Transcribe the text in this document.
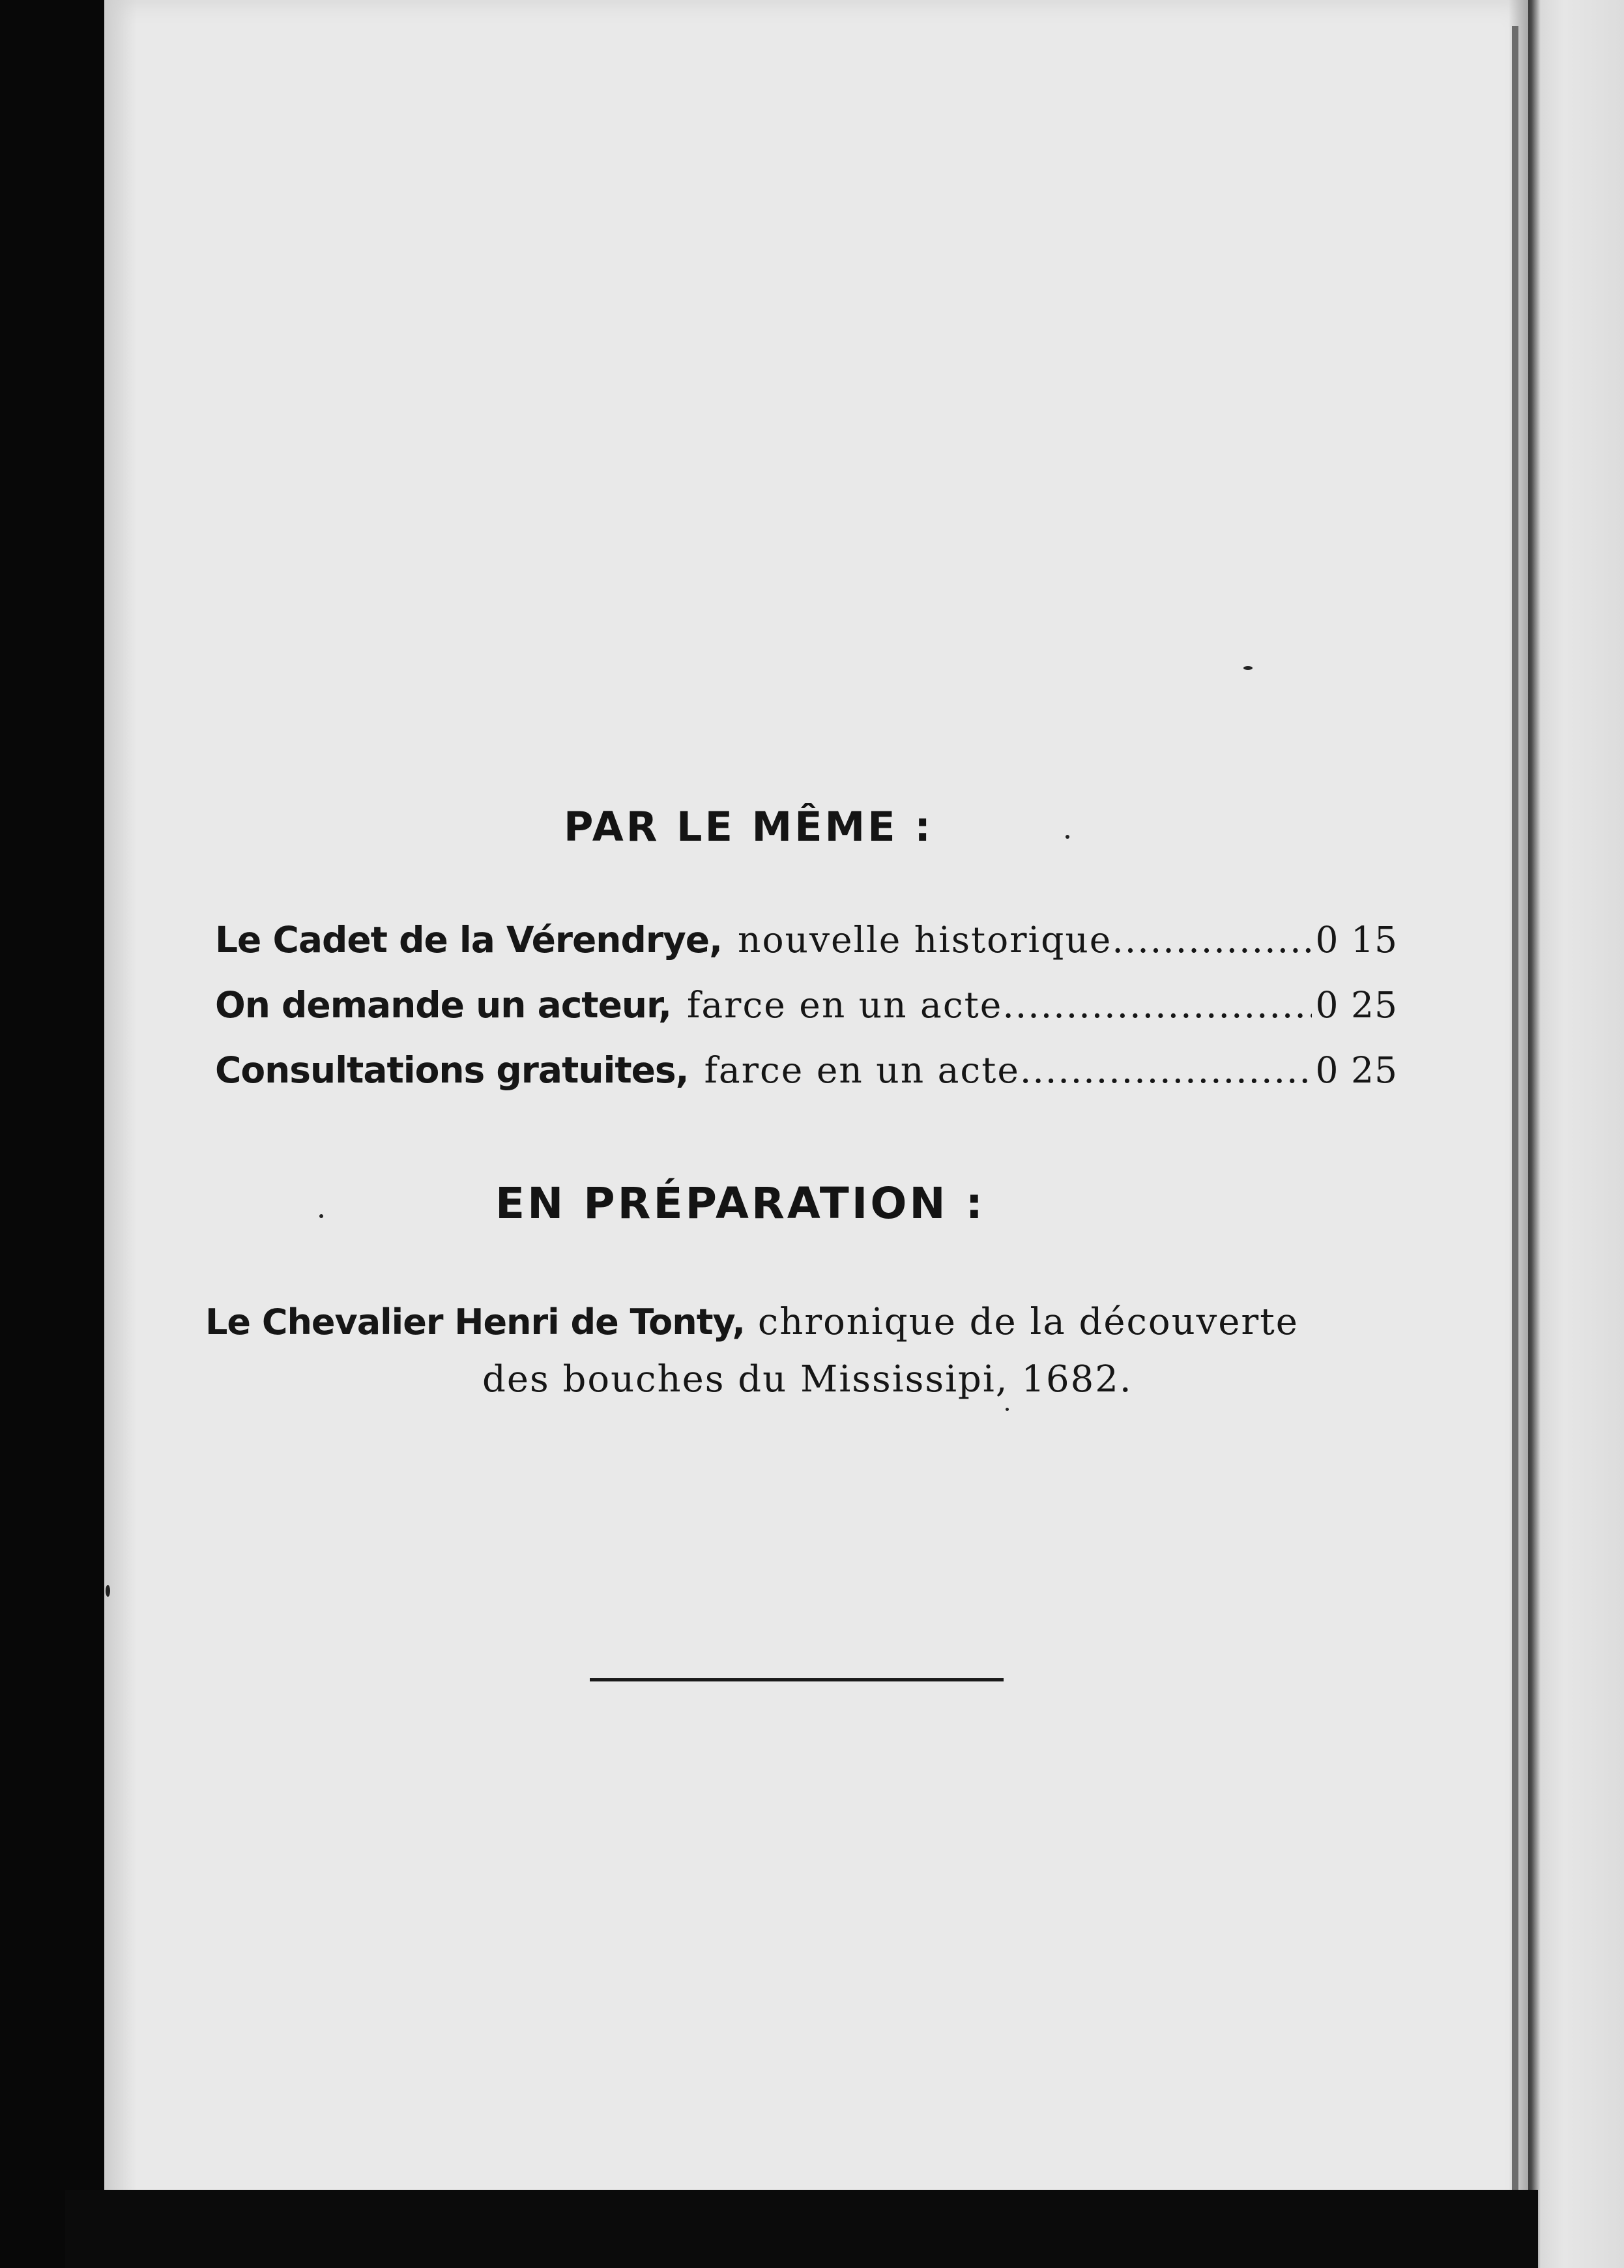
PAR LE MÊME :
Le Cadet de la Vérendrye, nouvelle historique .....	0 15
On demande un acteur, farce en un acte .....	0 25
Consultations gratuites, farce en un acte .....	0 25
EN PRÉPARATION :
Le Chevalier Henri de Tonty, chronique de la découverte
des bouches du Mississipi, 1682.
